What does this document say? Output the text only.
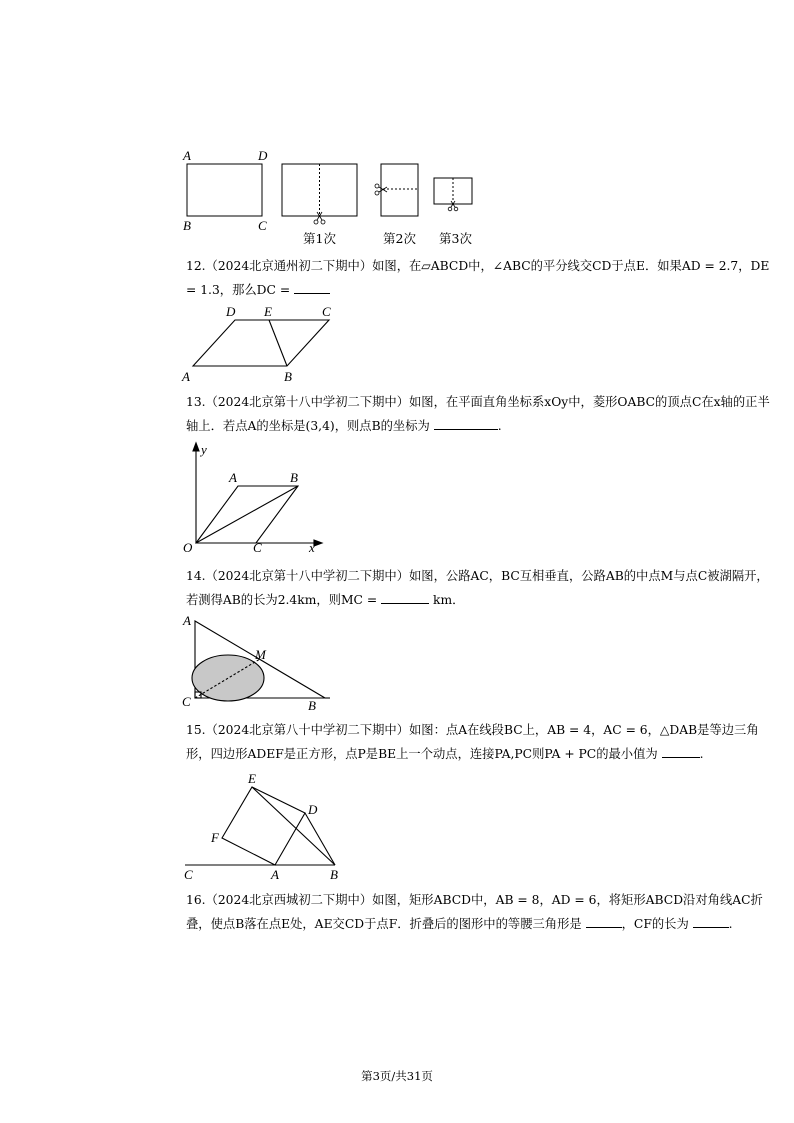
A	D
B	C
第1次	第2次 第3次

12.（2024北京通州初二下期中）如图，在▱ABCD中，∠ABC的平分线交CD于点E．如果AD = 2.7，DE = 1.3，那么DC =

D E	C
A	B

13.（2024北京第十八中学初二下期中）如图，在平面直角坐标系xOy中，菱形OABC的顶点C在x轴的正半轴上．若点A的坐标是(3,4)，则点B的坐标为	.

y
A	B
O	C	x

14.（2024北京第十八中学初二下期中）如图，公路AC，BC互相垂直，公路AB的中点M与点C被湖隔开，若测得AB的长为2.4km，则MC =	km．

A
M
C	B

15.（2024北京第八十中学初二下期中）如图：点A在线段BC上，AB = 4，AC = 6，△DAB是等边三角形，四边形ADEF是正方形，点P是BE上一个动点，连接PA,PC则PA + PC的最小值为	.

E
D
F
C	A	B

16.（2024北京西城初二下期中）如图，矩形ABCD中，AB = 8，AD = 6，将矩形ABCD沿对角线AC折叠，使点B落在点E处，AE交CD于点F．折叠后的图形中的等腰三角形是	，CF的长为	.

第3页/共31页
